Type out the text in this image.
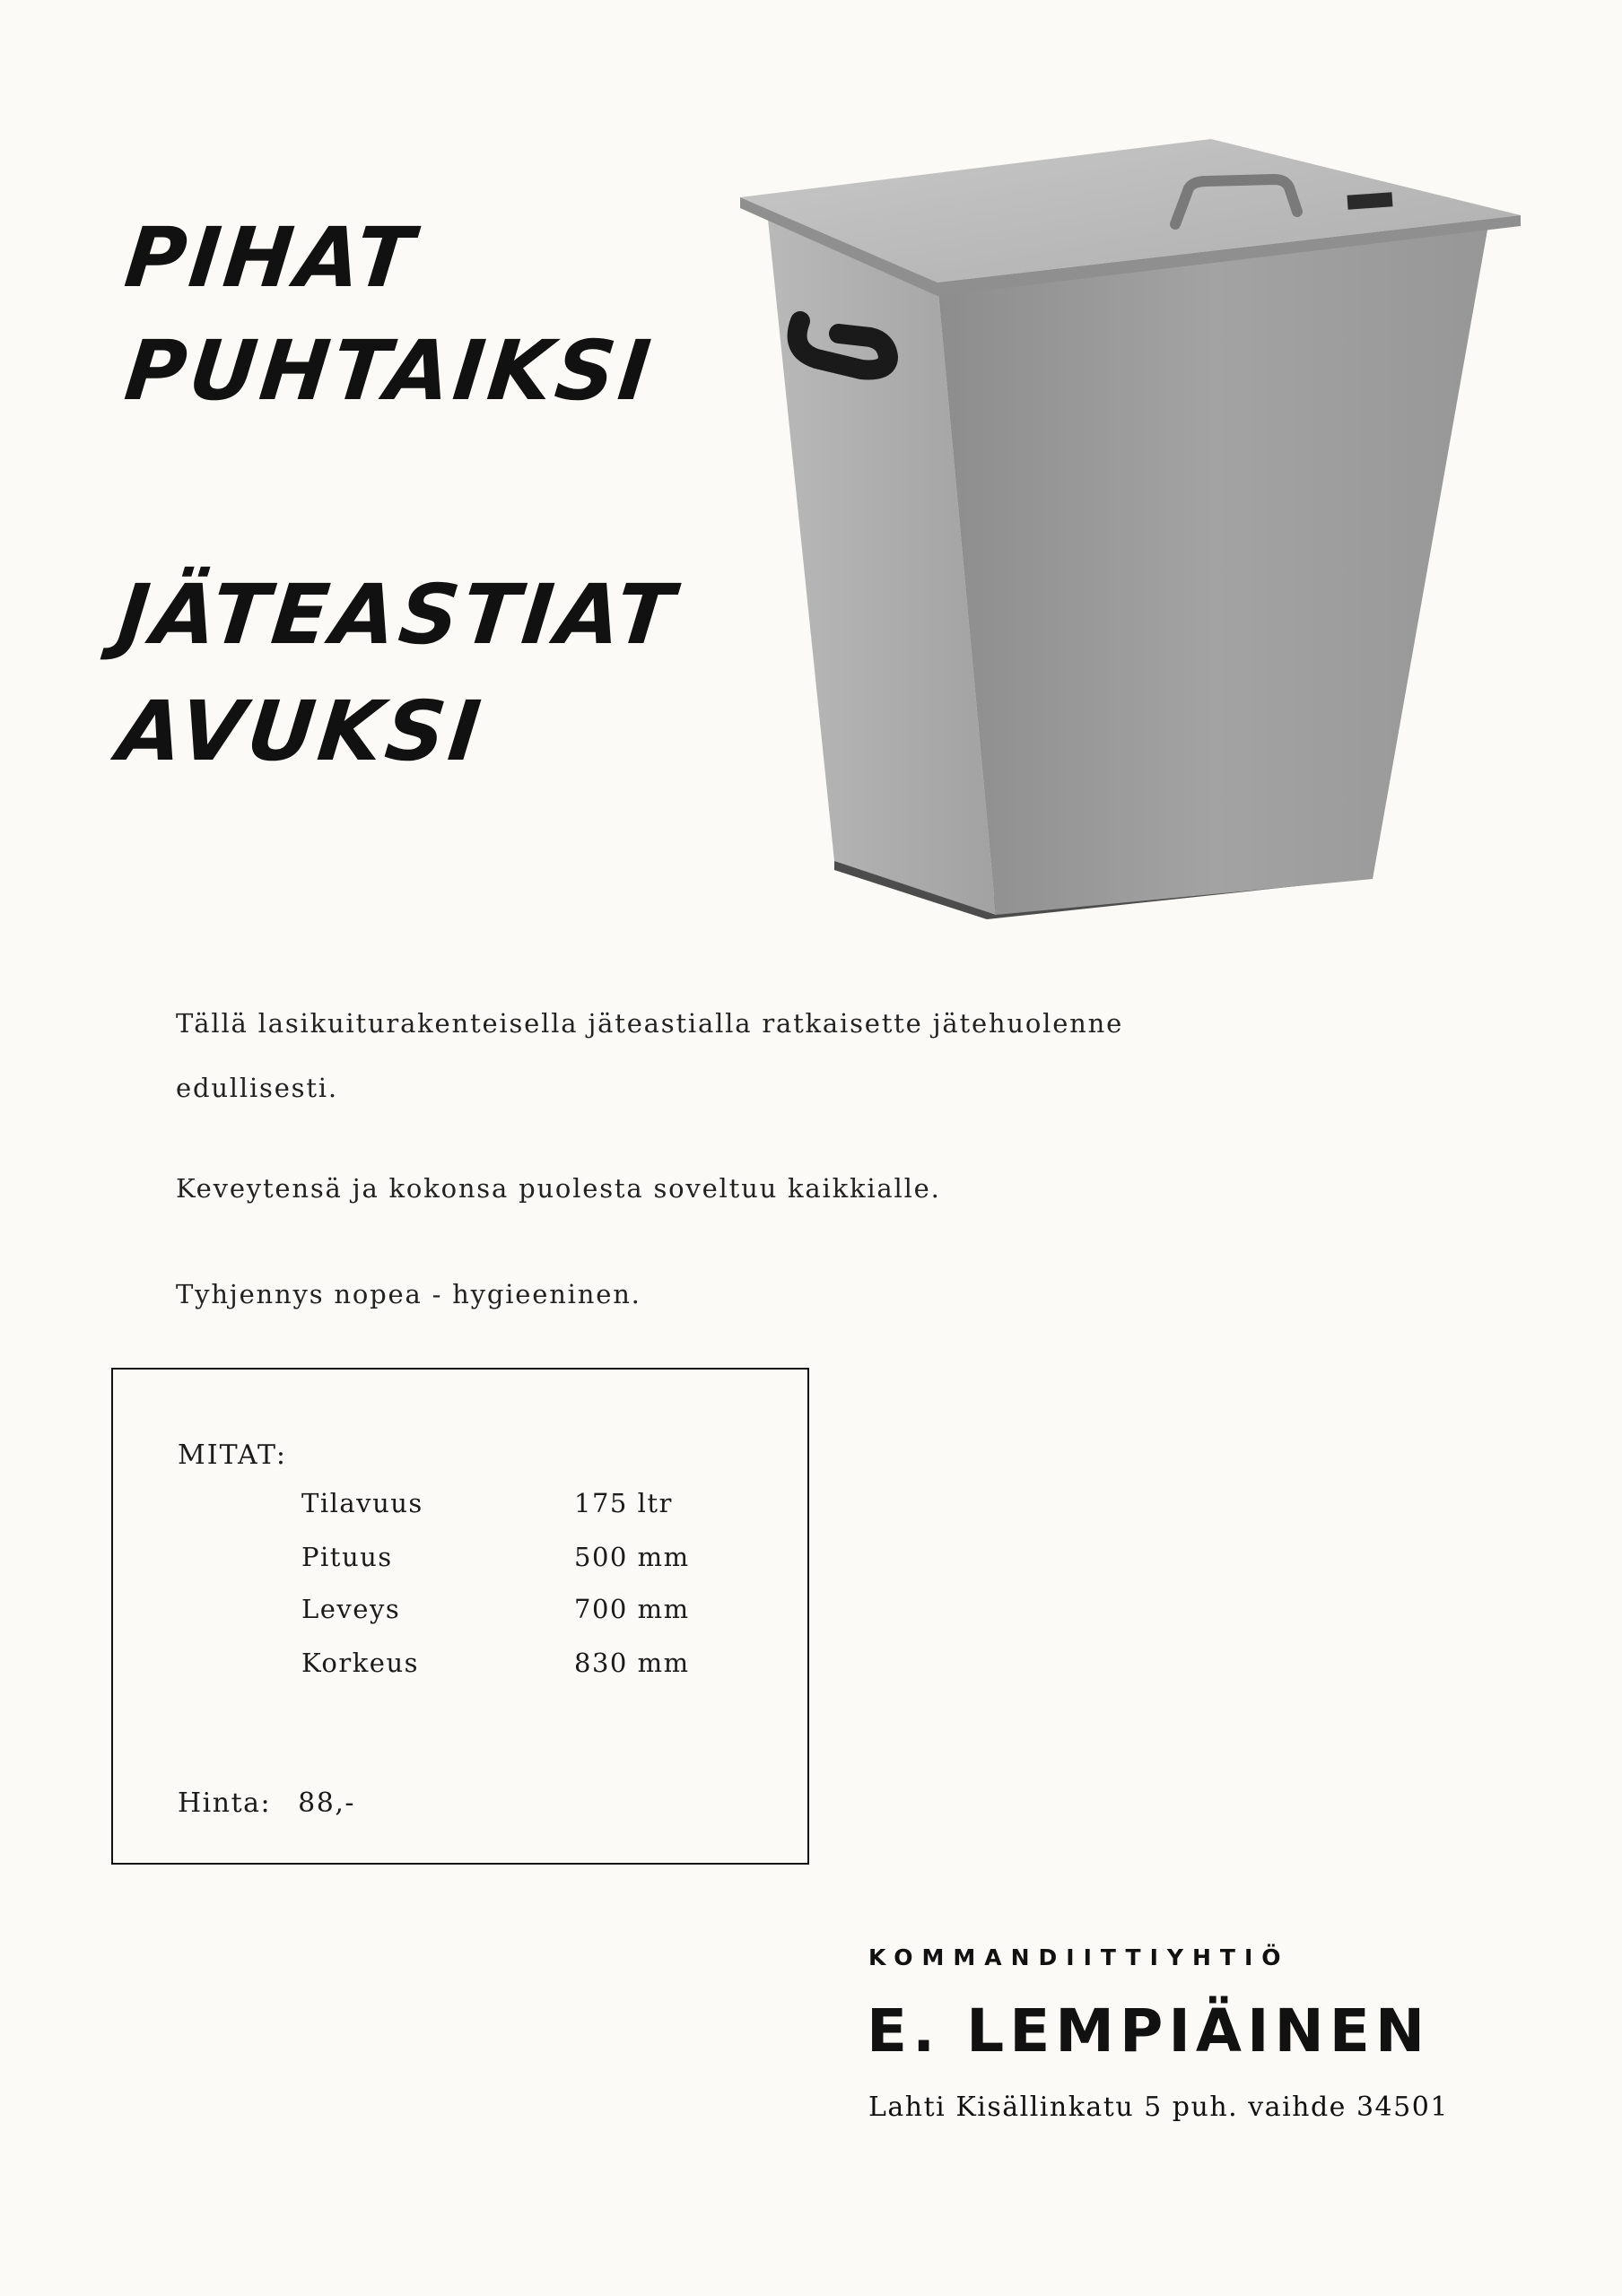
PIHAT
PUHTAIKSI
JÄTEASTIAT
AVUKSI

Tällä lasikuiturakenteisella jäteastialla ratkaisette jätehuolenne

edullisesti.

Keveytensä ja kokonsa puolesta soveltuu kaikkialle.

Tyhjennys nopea - hygieeninen.

MITAT:

Tilavuus	175 ltr
Pituus	500 mm
Leveys	700 mm
Korkeus	830 mm
Hinta: 88,-

KOMMANDIITTIYHTIÖ

E. LEMPIÄINEN

Lahti Kisällinkatu 5 puh. vaihde 34501
